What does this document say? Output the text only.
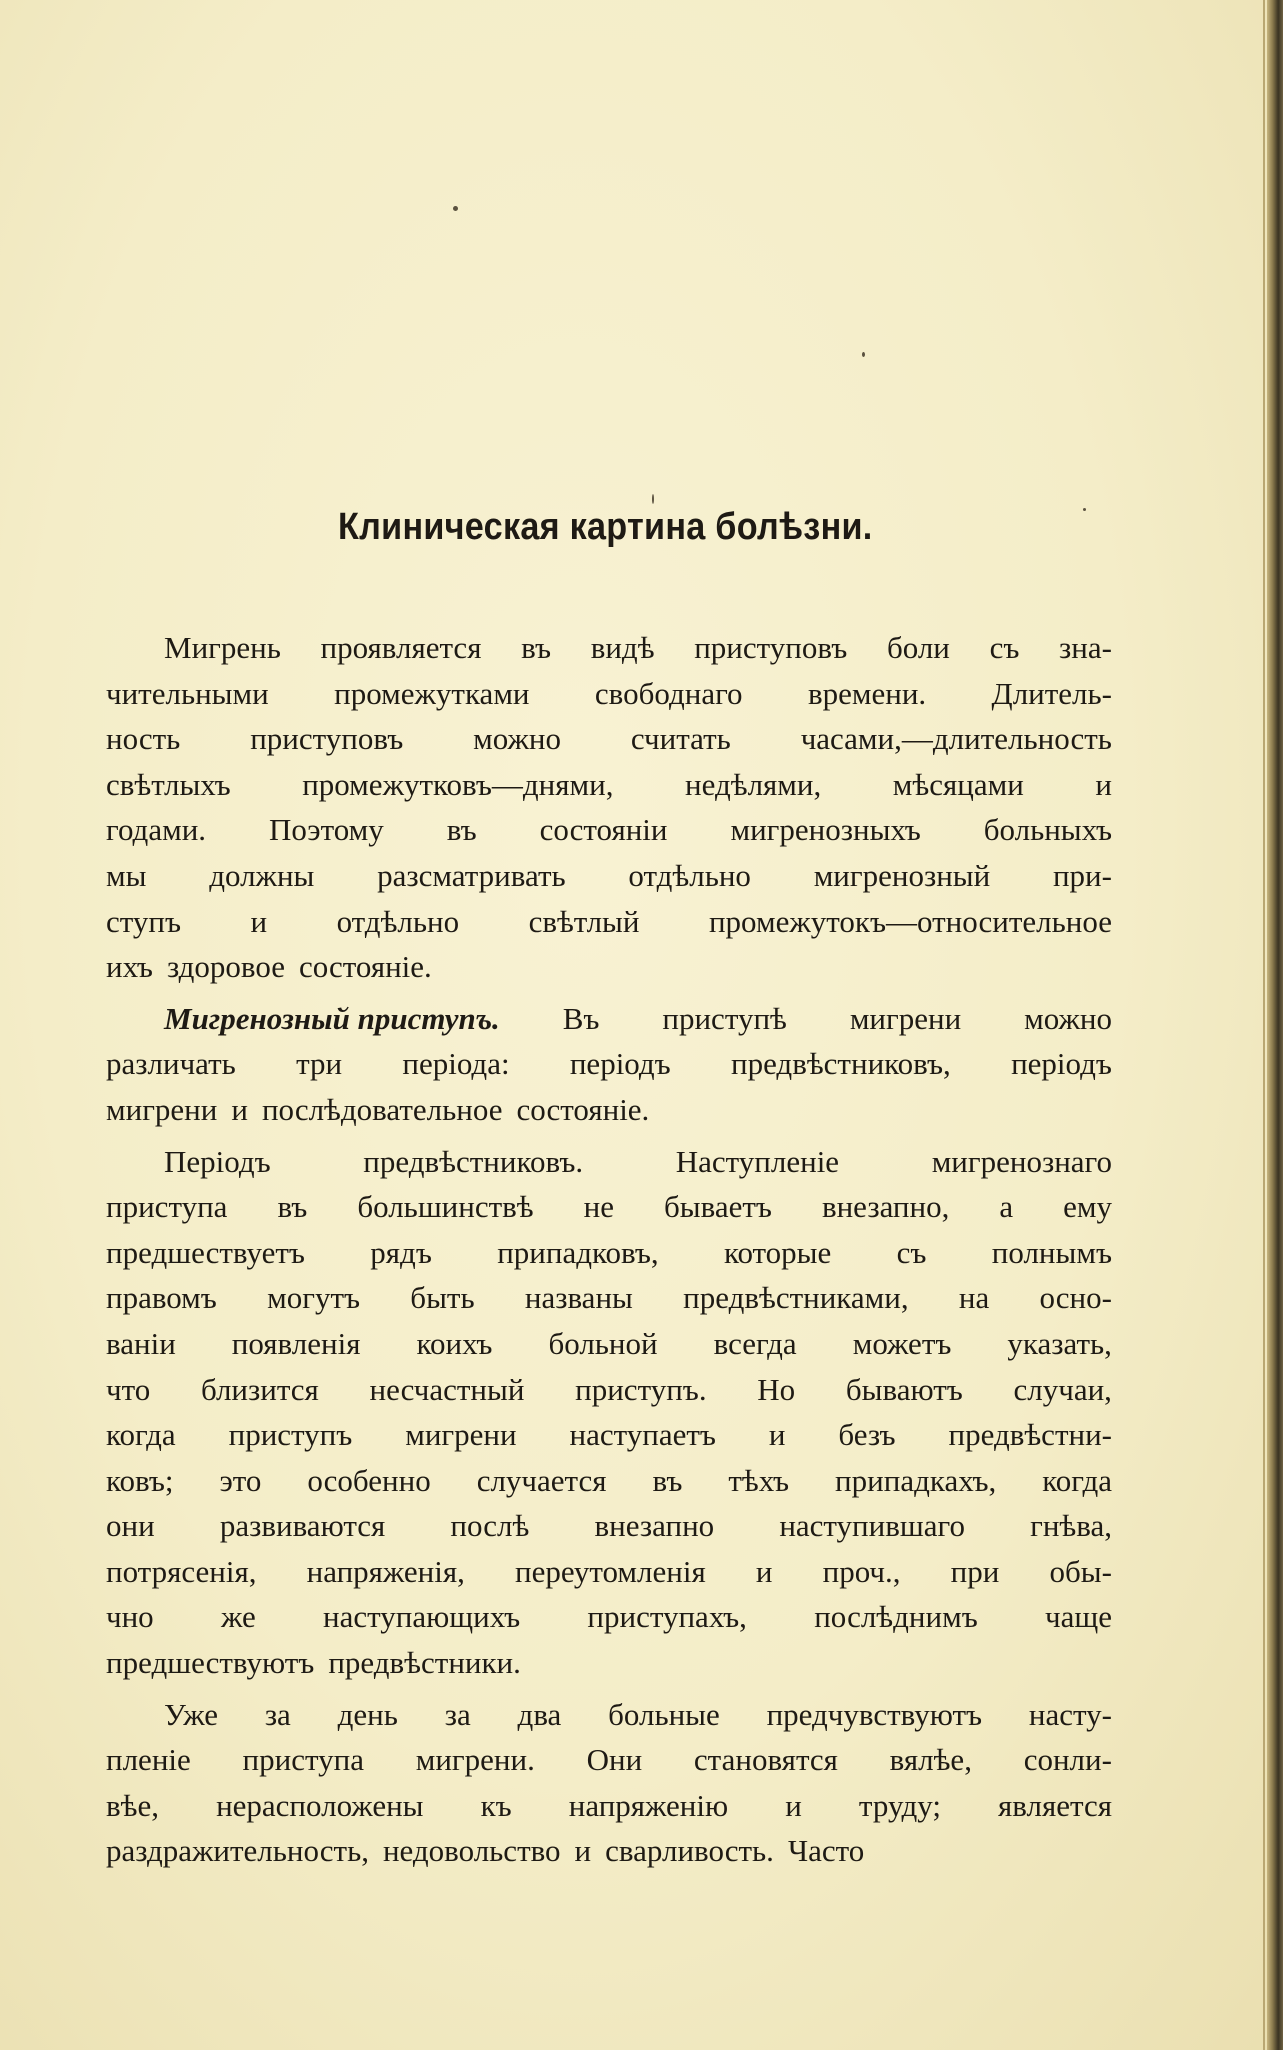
Клиническая картина болѣзни.
Мигрень проявляется въ видѣ приступовъ боли съ зна-
чительными промежутками свободнаго времени. Длитель-
ность приступовъ можно считать часами,—длительность
свѣтлыхъ промежутковъ—днями, недѣлями, мѣсяцами и
годами. Поэтому въ состояніи мигренозныхъ больныхъ
мы должны разсматривать отдѣльно мигренозный при-
ступъ и отдѣльно свѣтлый промежутокъ—относительное
ихъ здоровое состояніе.
Мигренозный приступъ. Въ приступѣ мигрени можно
различать три періода: періодъ предвѣстниковъ, періодъ
мигрени и послѣдовательное состояніе.
Періодъ	предвѣстниковъ.	Наступленіе	мигренознаго
приступа въ большинствѣ не бываетъ внезапно, а ему
предшествуетъ рядъ припадковъ, которые съ полнымъ
правомъ могутъ быть названы предвѣстниками, на осно-
ваніи появленія коихъ больной всегда можетъ указать,
что близится несчастный приступъ. Но бываютъ случаи,
когда приступъ мигрени наступаетъ и безъ предвѣстни-
ковъ; это особенно случается въ тѣхъ припадкахъ, когда
они развиваются послѣ внезапно наступившаго гнѣва,
потрясенія, напряженія, переутомленія и проч., при обы-
чно же наступающихъ приступахъ, послѣднимъ чаще
предшествуютъ предвѣстники.
Уже за день за два больные предчувствуютъ насту-
пленіе приступа мигрени. Они становятся вялѣе, сонли-
вѣе, нерасположены къ напряженію и труду; является
раздражительность, недовольство и сварливость. Часто
